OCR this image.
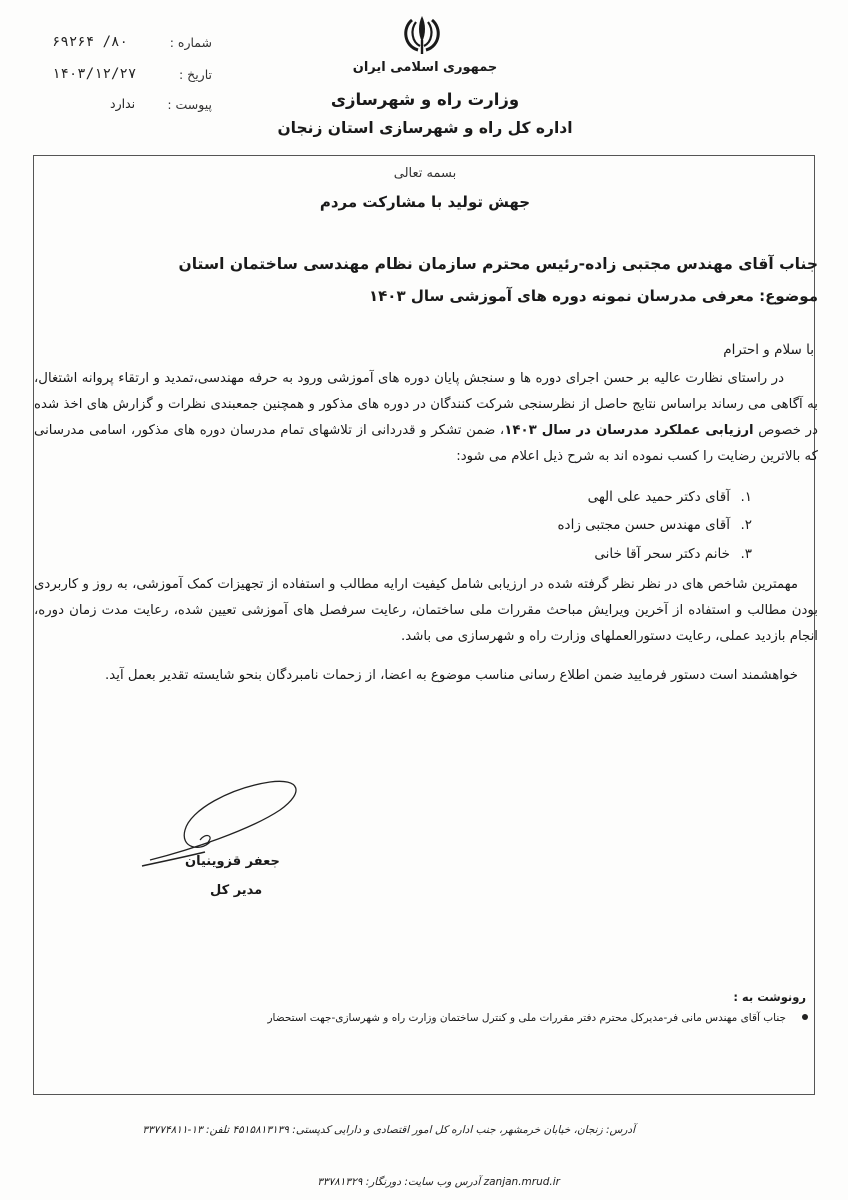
شماره :
۸۰/ ۶۹۲۶۴
تاریخ :
۱۴۰۳/۱۲/۲۷
پیوست :
ندارد
جمهوری اسلامی ایران
وزارت راه و شهرسازی
اداره کل راه و شهرسازی استان زنجان
بسمه تعالی
جهش تولید با مشارکت مردم
جناب آقای مهندس مجتبی زاده-رئیس محترم سازمان نظام مهندسی ساختمان استان
موضوع: معرفی مدرسان نمونه دوره های آموزشی سال ۱۴۰۳
با سلام و احترام
در راستای نظارت عالیه بر حسن اجرای دوره ها و سنجش پایان دوره های آموزشی ورود به حرفه مهندسی،تمدید و ارتقاء پروانه اشتغال، به آگاهی می رساند براساس نتایج حاصل از نظرسنجی شرکت کنندگان در دوره های مذکور و همچنین جمعبندی نظرات و گزارش های اخذ شده در خصوص ارزیابی عملکرد مدرسان در سال ۱۴۰۳، ضمن تشکر و قدردانی از تلاشهای تمام مدرسان دوره های مذکور، اسامی مدرسانی که بالاترین رضایت را کسب نموده اند به شرح ذیل اعلام می شود:
۱.
آقای دکتر حمید علی الهی
۲.
آقای مهندس حسن مجتبی زاده
۳.
خانم دکتر سحر آقا خانی
مهمترین شاخص های در نظر نظر گرفته شده در ارزیابی شامل کیفیت ارایه مطالب و استفاده از تجهیزات کمک آموزشی، به روز و کاربردی بودن مطالب و استفاده از آخرین ویرایش مباحث مقررات ملی ساختمان، رعایت سرفصل های آموزشی تعیین شده، رعایت مدت زمان دوره، انجام بازدید عملی، رعایت دستورالعملهای وزارت راه و شهرسازی می باشد.
خواهشمند است دستور فرمایید ضمن اطلاع رسانی مناسب موضوع به اعضا، از زحمات نامبردگان بنحو شایسته تقدیر بعمل آید.
جعفر قزوینیان
مدیر کل
رونوشت به :
جناب آقای مهندس مانی فر-مدیرکل محترم دفتر مقررات ملی و کنترل ساختمان وزارت راه و شهرسازی-جهت استحضار
آدرس: زنجان، خیابان خرمشهر، جنب اداره کل امور اقتصادی و دارایی کدپستی: ۴۵۱۵۸۱۳۱۳۹ تلفن: ۱۳-۳۳۷۷۴۸۱۱
zanjan.mrud.ir آدرس وب سایت: دورنگار: ۳۳۷۸۱۳۲۹
